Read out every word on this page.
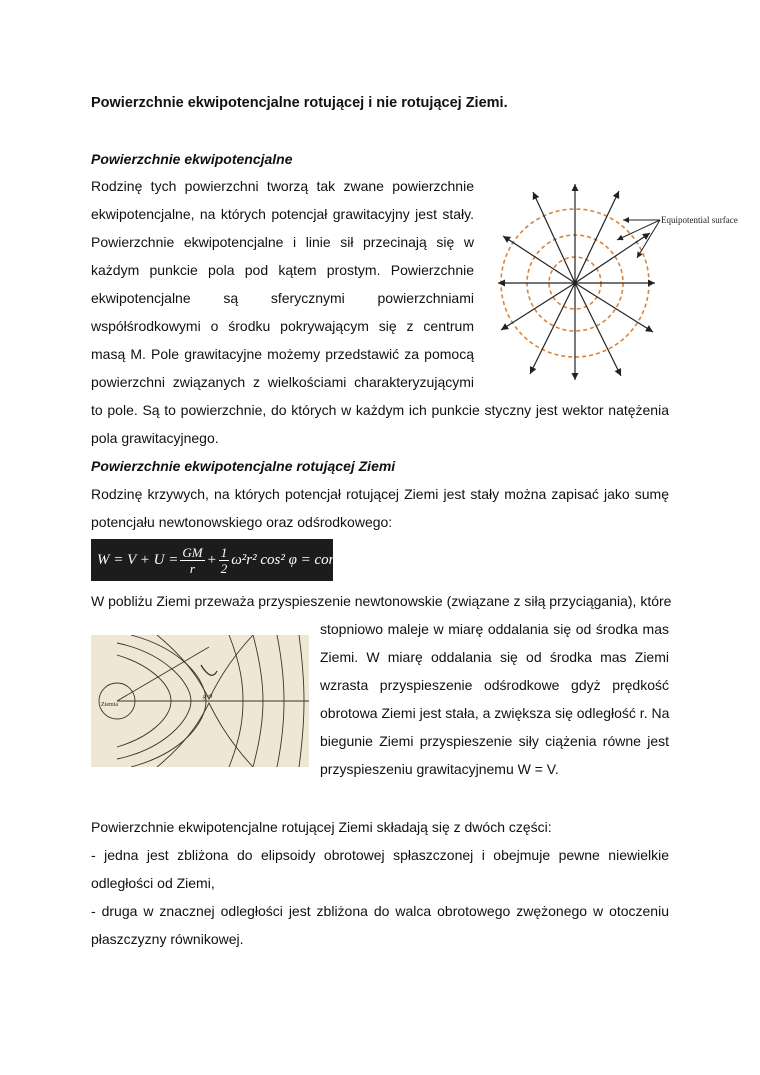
Powierzchnie ekwipotencjalne rotującej i nie rotującej Ziemi.
Powierzchnie ekwipotencjalne
Rodzinę tych powierzchni tworzą tak zwane powierzchnie
ekwipotencjalne, na których potencjał grawitacyjny jest stały.
Powierzchnie ekwipotencjalne i linie sił przecinają się w
każdym punkcie pola pod kątem prostym. Powierzchnie
ekwipotencjalne są sferycznymi powierzchniami
współśrodkowymi o środku pokrywającym się z centrum
masą M. Pole grawitacyjne możemy przedstawić za pomocą
powierzchni związanych z wielkościami charakteryzującymi
to pole. Są to powierzchnie, do których w każdym ich punkcie styczny jest wektor natężenia
pola grawitacyjnego.
Equipotential surface
Powierzchnie ekwipotencjalne rotującej Ziemi
Rodzinę krzywych, na których potencjał rotującej Ziemi jest stały można zapisać jako sumę
potencjału newtonowskiego oraz odśrodkowego:
$W = V + U = \frac{GM}{r} + \frac{1}{2} \omega^2r^2$ cos² φ = const
W pobliżu Ziemi przeważa przyspieszenie newtonowskie (związane z siłą przyciągania), które
stopniowo maleje w miarę oddalania się od środka mas
Ziemi. W miarę oddalania się od środka mas Ziemi
wzrasta przyspieszenie odśrodkowe gdyż prędkość
obrotowa Ziemi jest stała, a zwiększa się odległość r. Na
biegunie Ziemi przyspieszenie siły ciążenia równe jest
przyspieszeniu grawitacyjnemu W = V.
Ziemia
g=0
Powierzchnie ekwipotencjalne rotującej Ziemi składają się z dwóch części:
- jedna jest zbliżona do elipsoidy obrotowej spłaszczonej i obejmuje pewne niewielkie
odległości od Ziemi,
- druga w znacznej odległości jest zbliżona do walca obrotowego zwężonego w otoczeniu
płaszczyzny równikowej.
